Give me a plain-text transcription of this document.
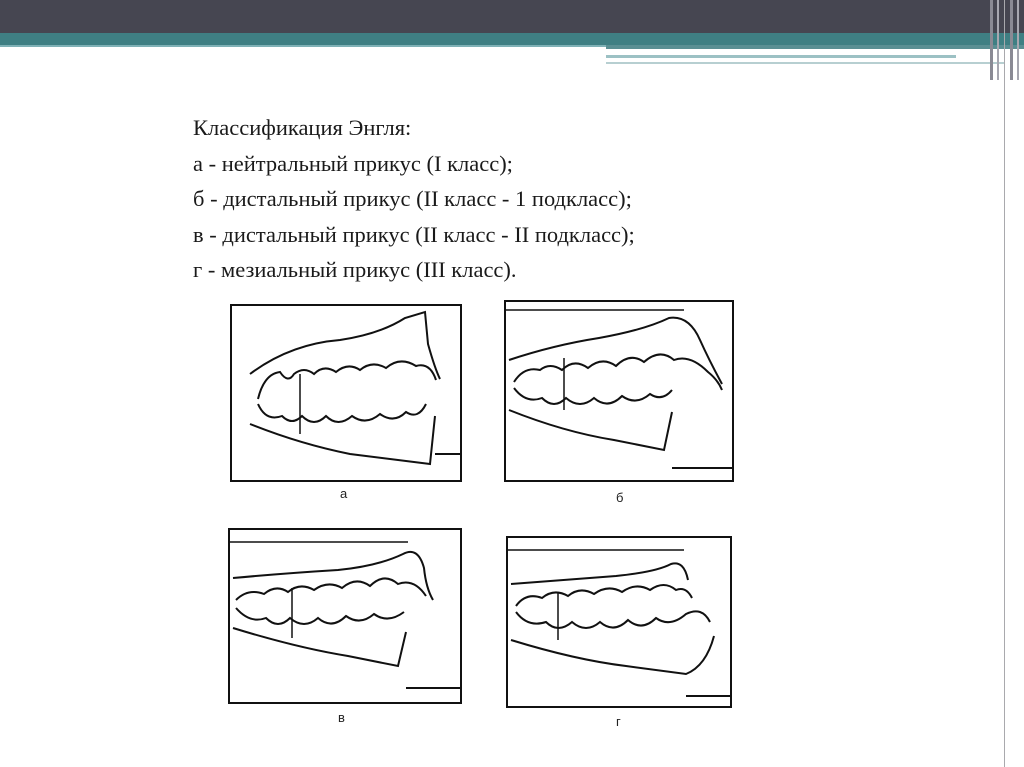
Классификация Энгля:
а - нейтральный прикус (I класс);
б - дистальный прикус (II класс - 1 подкласс);
в - дистальный прикус (II класс - II подкласс);
г - мезиальный прикус (III класс).
а	б
в	г
